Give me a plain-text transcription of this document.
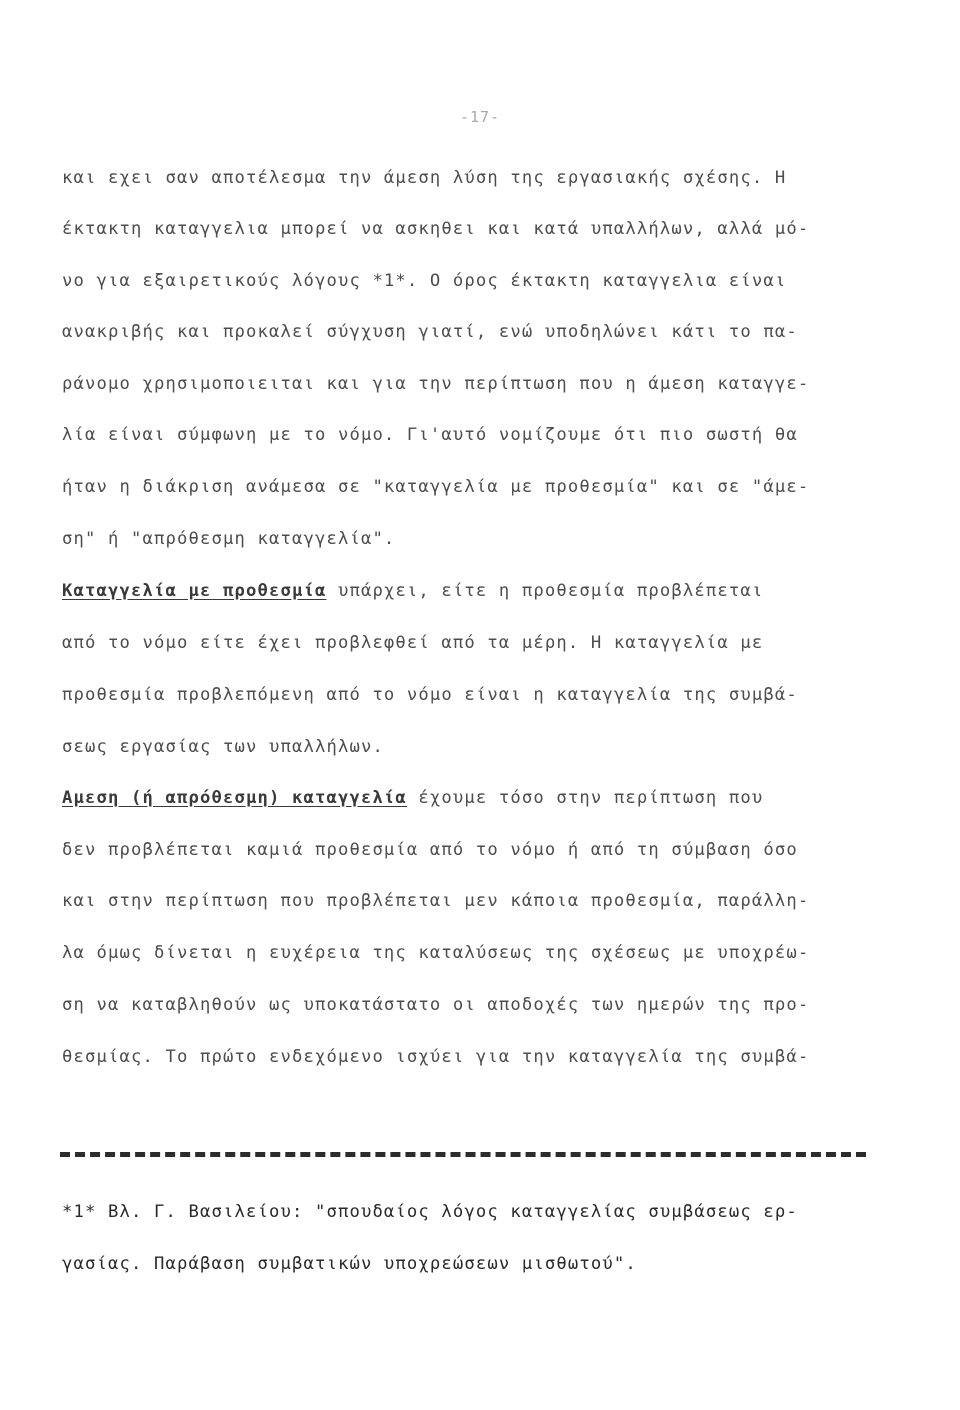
-17-
και εχει σαν αποτέλεσμα την άμεση λύση της εργασιακής σχέσης. Η
έκτακτη καταγγελια μπορεί να ασκηθει και κατά υπαλλήλων, αλλά μό-
νο για εξαιρετικούς λόγους *1*. Ο όρος έκτακτη καταγγελια είναι
ανακριβής και προκαλεί σύγχυση γιατί, ενώ υποδηλώνει κάτι το πα-
ράνομο χρησιμοποιειται και για την περίπτωση που η άμεση καταγγε-
λία είναι σύμφωνη με το νόμο. Γι'αυτό νομίζουμε ότι πιο σωστή θα
ήταν η διάκριση ανάμεσα σε "καταγγελία με προθεσμία" και σε "άμε-
ση" ή "απρόθεσμη καταγγελία".
Καταγγελία με προθεσμία υπάρχει, είτε η προθεσμία προβλέπεται
από το νόμο είτε έχει προβλεφθεί από τα μέρη. Η καταγγελία με
προθεσμία προβλεπόμενη από το νόμο είναι η καταγγελία της συμβά-
σεως εργασίας των υπαλλήλων.
Αμεση (ή απρόθεσμη) καταγγελία έχουμε τόσο στην περίπτωση που
δεν προβλέπεται καμιά προθεσμία από το νόμο ή από τη σύμβαση όσο
και στην περίπτωση που προβλέπεται μεν κάποια προθεσμία, παράλλη-
λα όμως δίνεται η ευχέρεια της καταλύσεως της σχέσεως με υποχρέω-
ση να καταβληθούν ως υποκατάστατο οι αποδοχές των ημερών της προ-
θεσμίας. Το πρώτο ενδεχόμενο ισχύει για την καταγγελία της συμβά-
*1* Βλ. Γ. Βασιλείου: "σπουδαίος λόγος καταγγελίας συμβάσεως ερ-
γασίας. Παράβαση συμβατικών υποχρεώσεων μισθωτού".
